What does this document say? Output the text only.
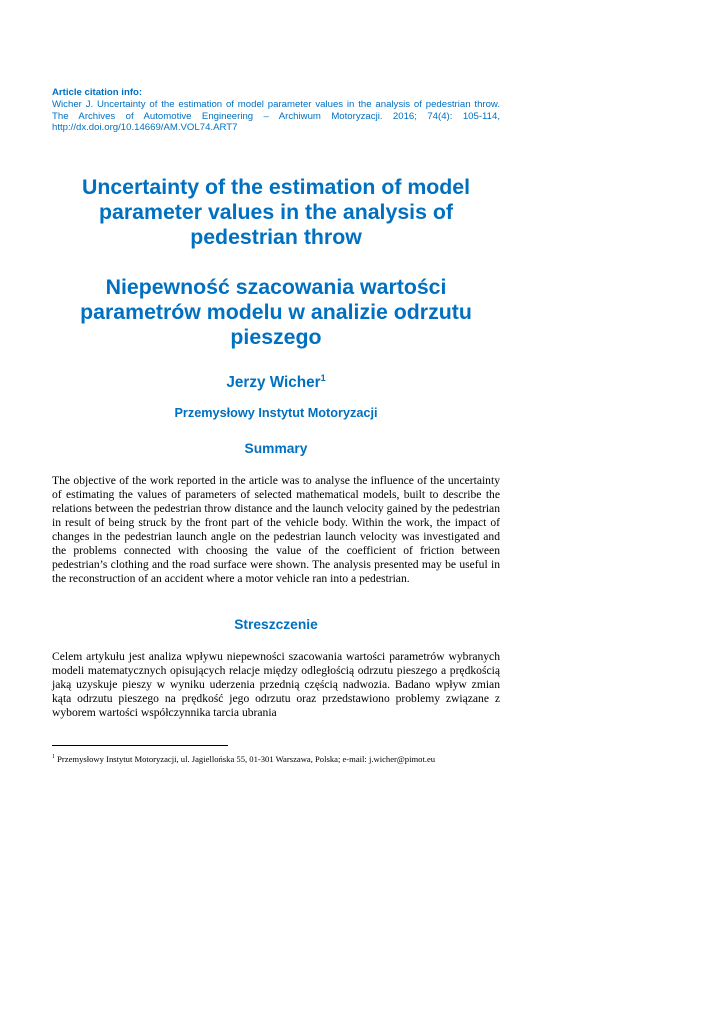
Article citation info:
Wicher J. Uncertainty of the estimation of model parameter values in the analysis of pedestrian throw. The Archives of Automotive Engineering – Archiwum Motoryzacji. 2016; 74(4): 105-114, http://dx.doi.org/10.14669/AM.VOL74.ART7
Uncertainty of the estimation of model parameter values in the analysis of pedestrian throw
Niepewność szacowania wartości parametrów modelu w analizie odrzutu pieszego
Jerzy Wicher$^1$
Przemysłowy Instytut Motoryzacji
Summary
The objective of the work reported in the article was to analyse the influence of the uncertainty of estimating the values of parameters of selected mathematical models, built to describe the relations between the pedestrian throw distance and the launch velocity gained by the pedestrian in result of being struck by the front part of the vehicle body. Within the work, the impact of changes in the pedestrian launch angle on the pedestrian launch velocity was investigated and the problems connected with choosing the value of the coefficient of friction between pedestrian’s clothing and the road surface were shown. The analysis presented may be useful in the reconstruction of an accident where a motor vehicle ran into a pedestrian.
Streszczenie
Celem artykułu jest analiza wpływu niepewności szacowania wartości parametrów wybranych modeli matematycznych opisujących relacje między odległością odrzutu pieszego a prędkością jaką uzyskuje pieszy w wyniku uderzenia przednią częścią nadwozia. Badano wpływ zmian kąta odrzutu pieszego na prędkość jego odrzutu oraz przedstawiono problemy związane z wyborem wartości współczynnika tarcia ubrania
$^1$ Przemysłowy Instytut Motoryzacji, ul. Jagiellońska 55, 01-301 Warszawa, Polska; e-mail: j.wicher@pimot.eu
